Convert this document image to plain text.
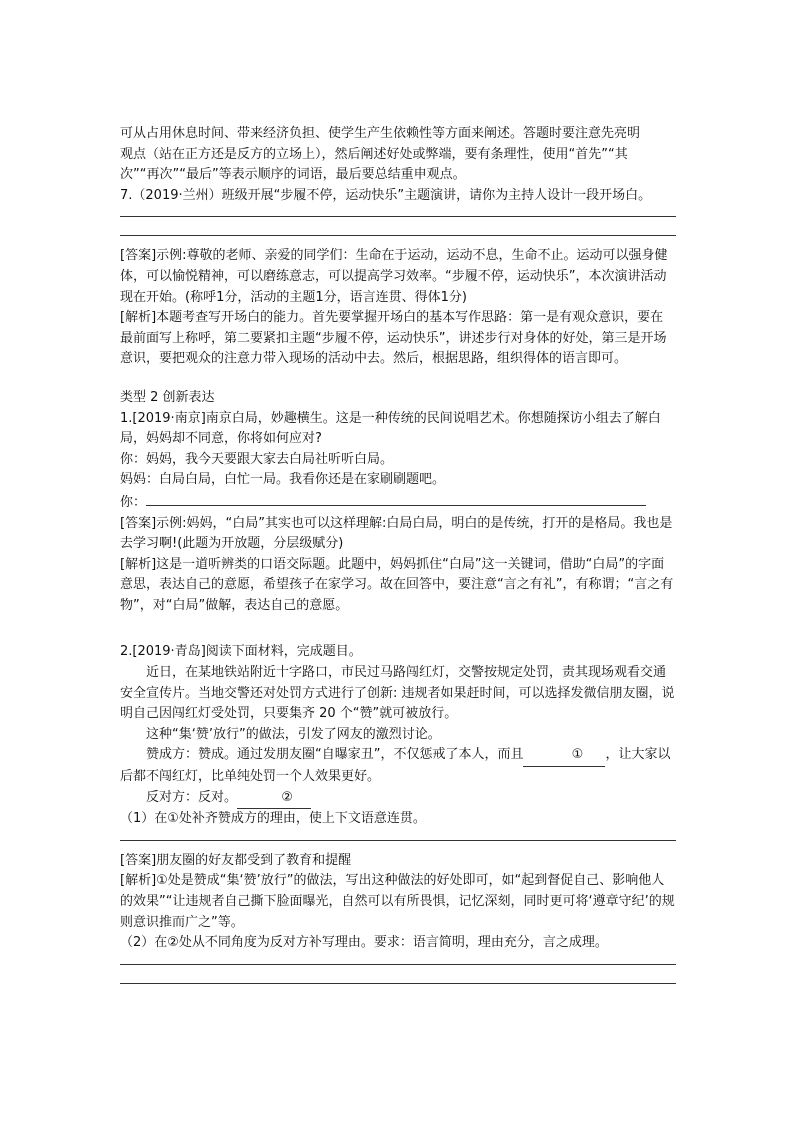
可从占用休息时间、带来经济负担、使学生产生依赖性等方面来阐述。答题时要注意先亮明

观点（站在正方还是反方的立场上），然后阐述好处或弊端，要有条理性，使用“首先”“其

次”“再次”“最后”等表示顺序的词语，最后要总结重申观点。

7.（2019·兰州）班级开展“步履不停，运动快乐”主题演讲，请你为主持人设计一段开场白。

[答案]示例:尊敬的老师、亲爱的同学们：生命在于运动，运动不息，生命不止。运动可以强身健体，可以愉悦精神，可以磨练意志，可以提高学习效率。“步履不停，运动快乐”，本次演讲活动现在开始。(称呼1分，活动的主题1分，语言连贯、得体1分)

[解析]本题考查写开场白的能力。首先要掌握开场白的基本写作思路：第一是有观众意识，要在最前面写上称呼，第二要紧扣主题“步履不停，运动快乐”，讲述步行对身体的好处，第三是开场意识，要把观众的注意力带入现场的活动中去。然后，根据思路，组织得体的语言即可。

类型 2 创新表达

1.[2019·南京]南京白局，妙趣横生。这是一种传统的民间说唱艺术。你想随探访小组去了解白局，妈妈却不同意，你将如何应对?

你：妈妈，我今天要跟大家去白局社听听白局。

妈妈：白局白局，白忙一局。我看你还是在家刷刷题吧。

你：

[答案]示例:妈妈，“白局”其实也可以这样理解:白局白局，明白的是传统，打开的是格局。我也是去学习啊!(此题为开放题，分层级赋分)

[解析]这是一道听辨类的口语交际题。此题中，妈妈抓住“白局”这一关键词，借助“白局”的字面意思，表达自己的意愿，希望孩子在家学习。故在回答中，要注意“言之有礼”，有称谓；“言之有物”，对“白局”做解，表达自己的意愿。

2.[2019·青岛]阅读下面材料，完成题目。

近日，在某地铁站附近十字路口，市民过马路闯红灯，交警按规定处罚，责其现场观看交通安全宣传片。当地交警还对处罚方式进行了创新: 违规者如果赶时间，可以选择发微信朋友圈，说明自己因闯红灯受处罚，只要集齐 20 个“赞”就可被放行。

这种“集‘赞’放行”的做法，引发了网友的激烈讨论。

赞成方：赞成。通过发朋友圈“自曝家丑”，不仅惩戒了本人，而且	① ，让大家以后都不闯红灯，比单纯处罚一个人效果更好。

反对方：反对。	②

（1）在①处补齐赞成方的理由，使上下文语意连贯。

[答案]朋友圈的好友都受到了教育和提醒

[解析]①处是赞成“集‘赞’放行”的做法，写出这种做法的好处即可，如“起到督促自己、影响他人的效果”“让违规者自己撕下脸面曝光，自然可以有所畏惧，记忆深刻，同时更可将‘遵章守纪’的规则意识推而广之”等。

（2）在②处从不同角度为反对方补写理由。要求：语言简明，理由充分，言之成理。
